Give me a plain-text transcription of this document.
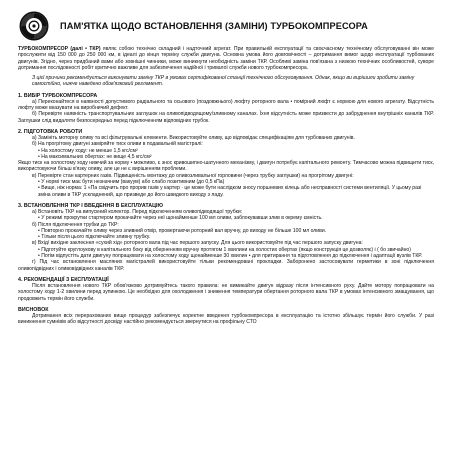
ПАМ'ЯТКА ЩОДО ВСТАНОВЛЕННЯ (ЗАМІНИ) ТУРБОКОМПРЕСОРА
ТУРБОКОМПРЕСОР (далі • ТКР) являє собою технічно складний і надточний агрегат. При правильній експлуатації та своєчасному технічному обслуговуванні він може прослужити від 150 000 до 250 000 км, в ідеалі до кінця терміну служби двигуна. Основна умова його довговічності – дотримання вимог щодо експлуатації турбованих двигунів. Згідно, через придбаний вами або зовнішні чинники, може виникнути необхідність заміни ТКР. Особливі заміна пов'язана з низкою технічних особливостей, суворе дотримання послідовності робіт критично важливе для забезпечення надійної і тривалої служби нового турбокомпресора.
З цієї причини рекомендується виконувати заміну ТКР в умовах сертифікованої станції технічного обслуговування. Однак, якщо ви вирішили зробити заміну самостійно, нижче наведено обов'язковий регламент.
1. ВИБІР ТУРБОКОМПРЕСОРА
а) Переконайтеся в наявності допустимого радіального та осьового (поздовжнього) люфту роторного вала • помірний люфт є нормою для нового агрегату. Відсутність люфту може вказувати на виробничий дефект.
б) Перевірте наявність транспортувальних заглушок на оливопідводящому/зливному каналах. Їхня відсутність може призвести до забруднення внутрішніх каналів ТКР. Заглушки слід видаляти безпосередньо перед підключенням відповідних трубок.
2. ПІДГОТОВКА РОБОТИ
а) Замініть моторну оливу та всі фільтрувальні елементи. Використовуйте оливу, що відповідає специфікаціям для турбованих двигунів.
б) На прогрітому двигуні заміряйте тиск оливи в подавальній магістралі:
• На холостому ходу: не менше 1,5 кгс/см²
• На максимальних обертах: не вище 4,5 кгс/см²
Якщо тиск на холостому ходу нижчий за норму • можливо, є знос кривошипно-шатунного механізму, і двигун потребує капітального ремонту. Тимчасово можна підвищити тиск, використовуючи більш в'язку оливу, але це не є вирішенням проблеми.
в) Перевірте стан картерних газів. Підвищеність монтажу до оливозливальної горловини (через трубку заглушки) на прогрітому двигуні:
• У нормі тиск має бути незначним (вакуум) або слабо позитивним (до 0,5 кПа)
• Вище, ніж норма: 1 «Па свідчить про прорив газів у картер · це може бути наслідком зносу поршневих кілець або несправності системи вентиляції. У цьому разі зміна оливи в ТКР ускладнений, що призведе до його швидкого виходу з ладу.
3. ВСТАНОВЛЕННЯ ТКР І ВВЕДЕННЯ В ЕКСПЛУАТАЦІЮ
а) Встановіть ТКР на випускний колектор. Перед підключенням оливопідводящої трубки:
• У режимі прокрутки стартером прокачайте через неї щонайменше 100 мл оливи, заблокувавши злив в окрему ємність.
б) Після підключення трубки до ТКР:
• Повторно прокачайте оливу через зливний отвір, провертаючи роторний вал вручну, до виходу не більше 100 мл оливи.
• Тільки після цього підключайте зливну трубку.
в) Вхід/ вихідне заклеєння «сухий хід» роторного вала під час першого запуску. Для цього використовуйте під час першого запуску двигуна:
• Підготуйте круглоукову в капітального боку від оберненням вручну протягом 1 хвилини на холостих обертах (якщо конструкція це дозволяє) і ( бо звичайно)
• Потім відпустіть дати двигуну попрацювати на холостому ходу щонайменше 30 хвилин • для притирання та підготовлення до підключення і адаптації вузлів ТКР.
г) Під час встановлення масляних магістралей використовуйте тільки рекомендовані прокладки. Заборонено застосовувати герметики в зоні підключення оливопідвідних і оливовідвідних каналів ТКР.
4. РЕКОМЕНДАЦІЇ З ЕКСПЛУАТАЦІЇ
Після встановлення нового ТКР обов'язково дотримуйтесь такого правила: не вимикайте двигун відразу після інтенсивного руху. Дайте мотору попрацювати на холостому ходу 1-2 хвилини перед зупинкою. Це необхідно для охолодження і зниження температури обертання роторного вала ТКР в умовах інтенсивного змащування, що продовжить термін його служби.
ВИСНОВОК
Дотримання всіх перерахованих вище процедур забезпечує коректне введення турбокомпресора в експлуатацію та істотно збільшує термін його служби. У разі виникнення сумнівів або відсутності досвіду настійно рекомендується звернутися на профільну СТО
